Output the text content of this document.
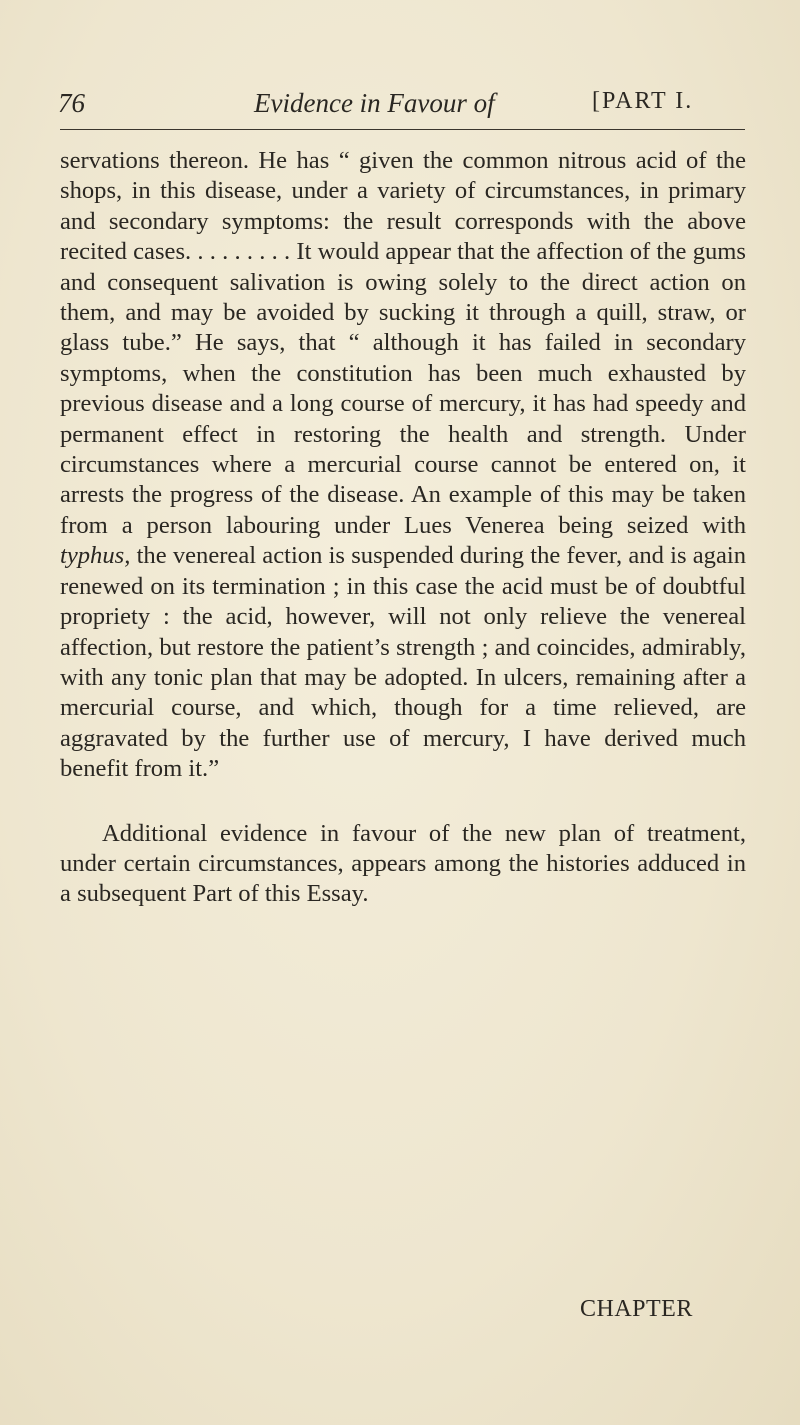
76	Evidence in Favour of	[PART I.

servations thereon. He has “ given the common nitrous acid of the shops, in this disease, under a variety of circumstances, in primary and secondary symptoms: the result corresponds with the above recited cases. . . . . . . . . It would appear that the affection of the gums and consequent salivation is owing solely to the direct action on them, and may be avoided by sucking it through a quill, straw, or glass tube.” He says, that “ although it has failed in secondary symptoms, when the constitution has been much exhausted by previous disease and a long course of mercury, it has had speedy and permanent effect in restoring the health and strength. Under circumstances where a mercurial course cannot be entered on, it arrests the progress of the disease. An example of this may be taken from a person labouring under Lues Venerea being seized with typhus, the venereal action is suspended during the fever, and is again renewed on its termination ; in this case the acid must be of doubtful propriety : the acid, however, will not only relieve the venereal affection, but restore the patient’s strength ; and coincides, admirably, with any tonic plan that may be adopted. In ulcers, remaining after a mercurial course, and which, though for a time relieved, are aggravated by the further use of mercury, I have derived much benefit from it.”

Additional evidence in favour of the new plan of treatment, under certain circumstances, appears among the histories adduced in a subsequent Part of this Essay.

CHAPTER
